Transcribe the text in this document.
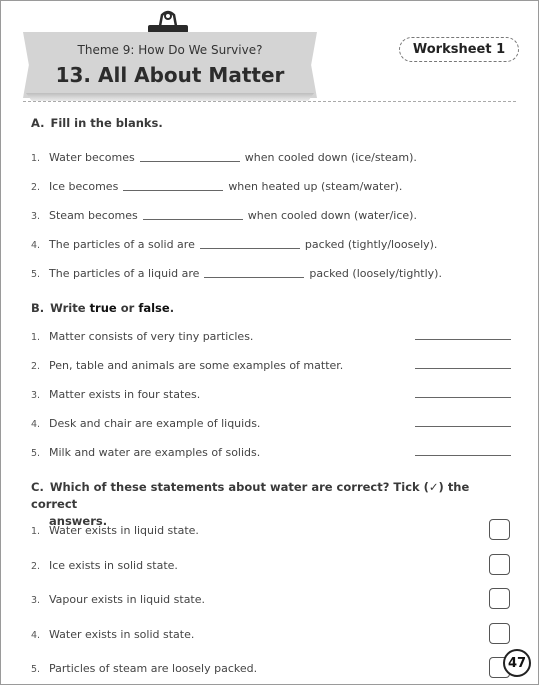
Theme 9: How Do We Survive?
13. All About Matter
Worksheet 1
A. Fill in the blanks.
1. Water becomes	when cooled down (ice/steam).
2. Ice becomes	when heated up (steam/water).
3. Steam becomes	when cooled down (water/ice).
4. The particles of a solid are	packed (tightly/loosely).
5. The particles of a liquid are	packed (loosely/tightly).
B. Write true or false.
1. Matter consists of very tiny particles.
2. Pen, table and animals are some examples of matter.
3. Matter exists in four states.
4. Desk and chair are example of liquids.
5. Milk and water are examples of solids.
C. Which of these statements about water are correct? Tick (✓) the correct
answers.
1. Water exists in liquid state.
2. Ice exists in solid state.
3. Vapour exists in liquid state.
4. Water exists in solid state.
5. Particles of steam are loosely packed.	47
